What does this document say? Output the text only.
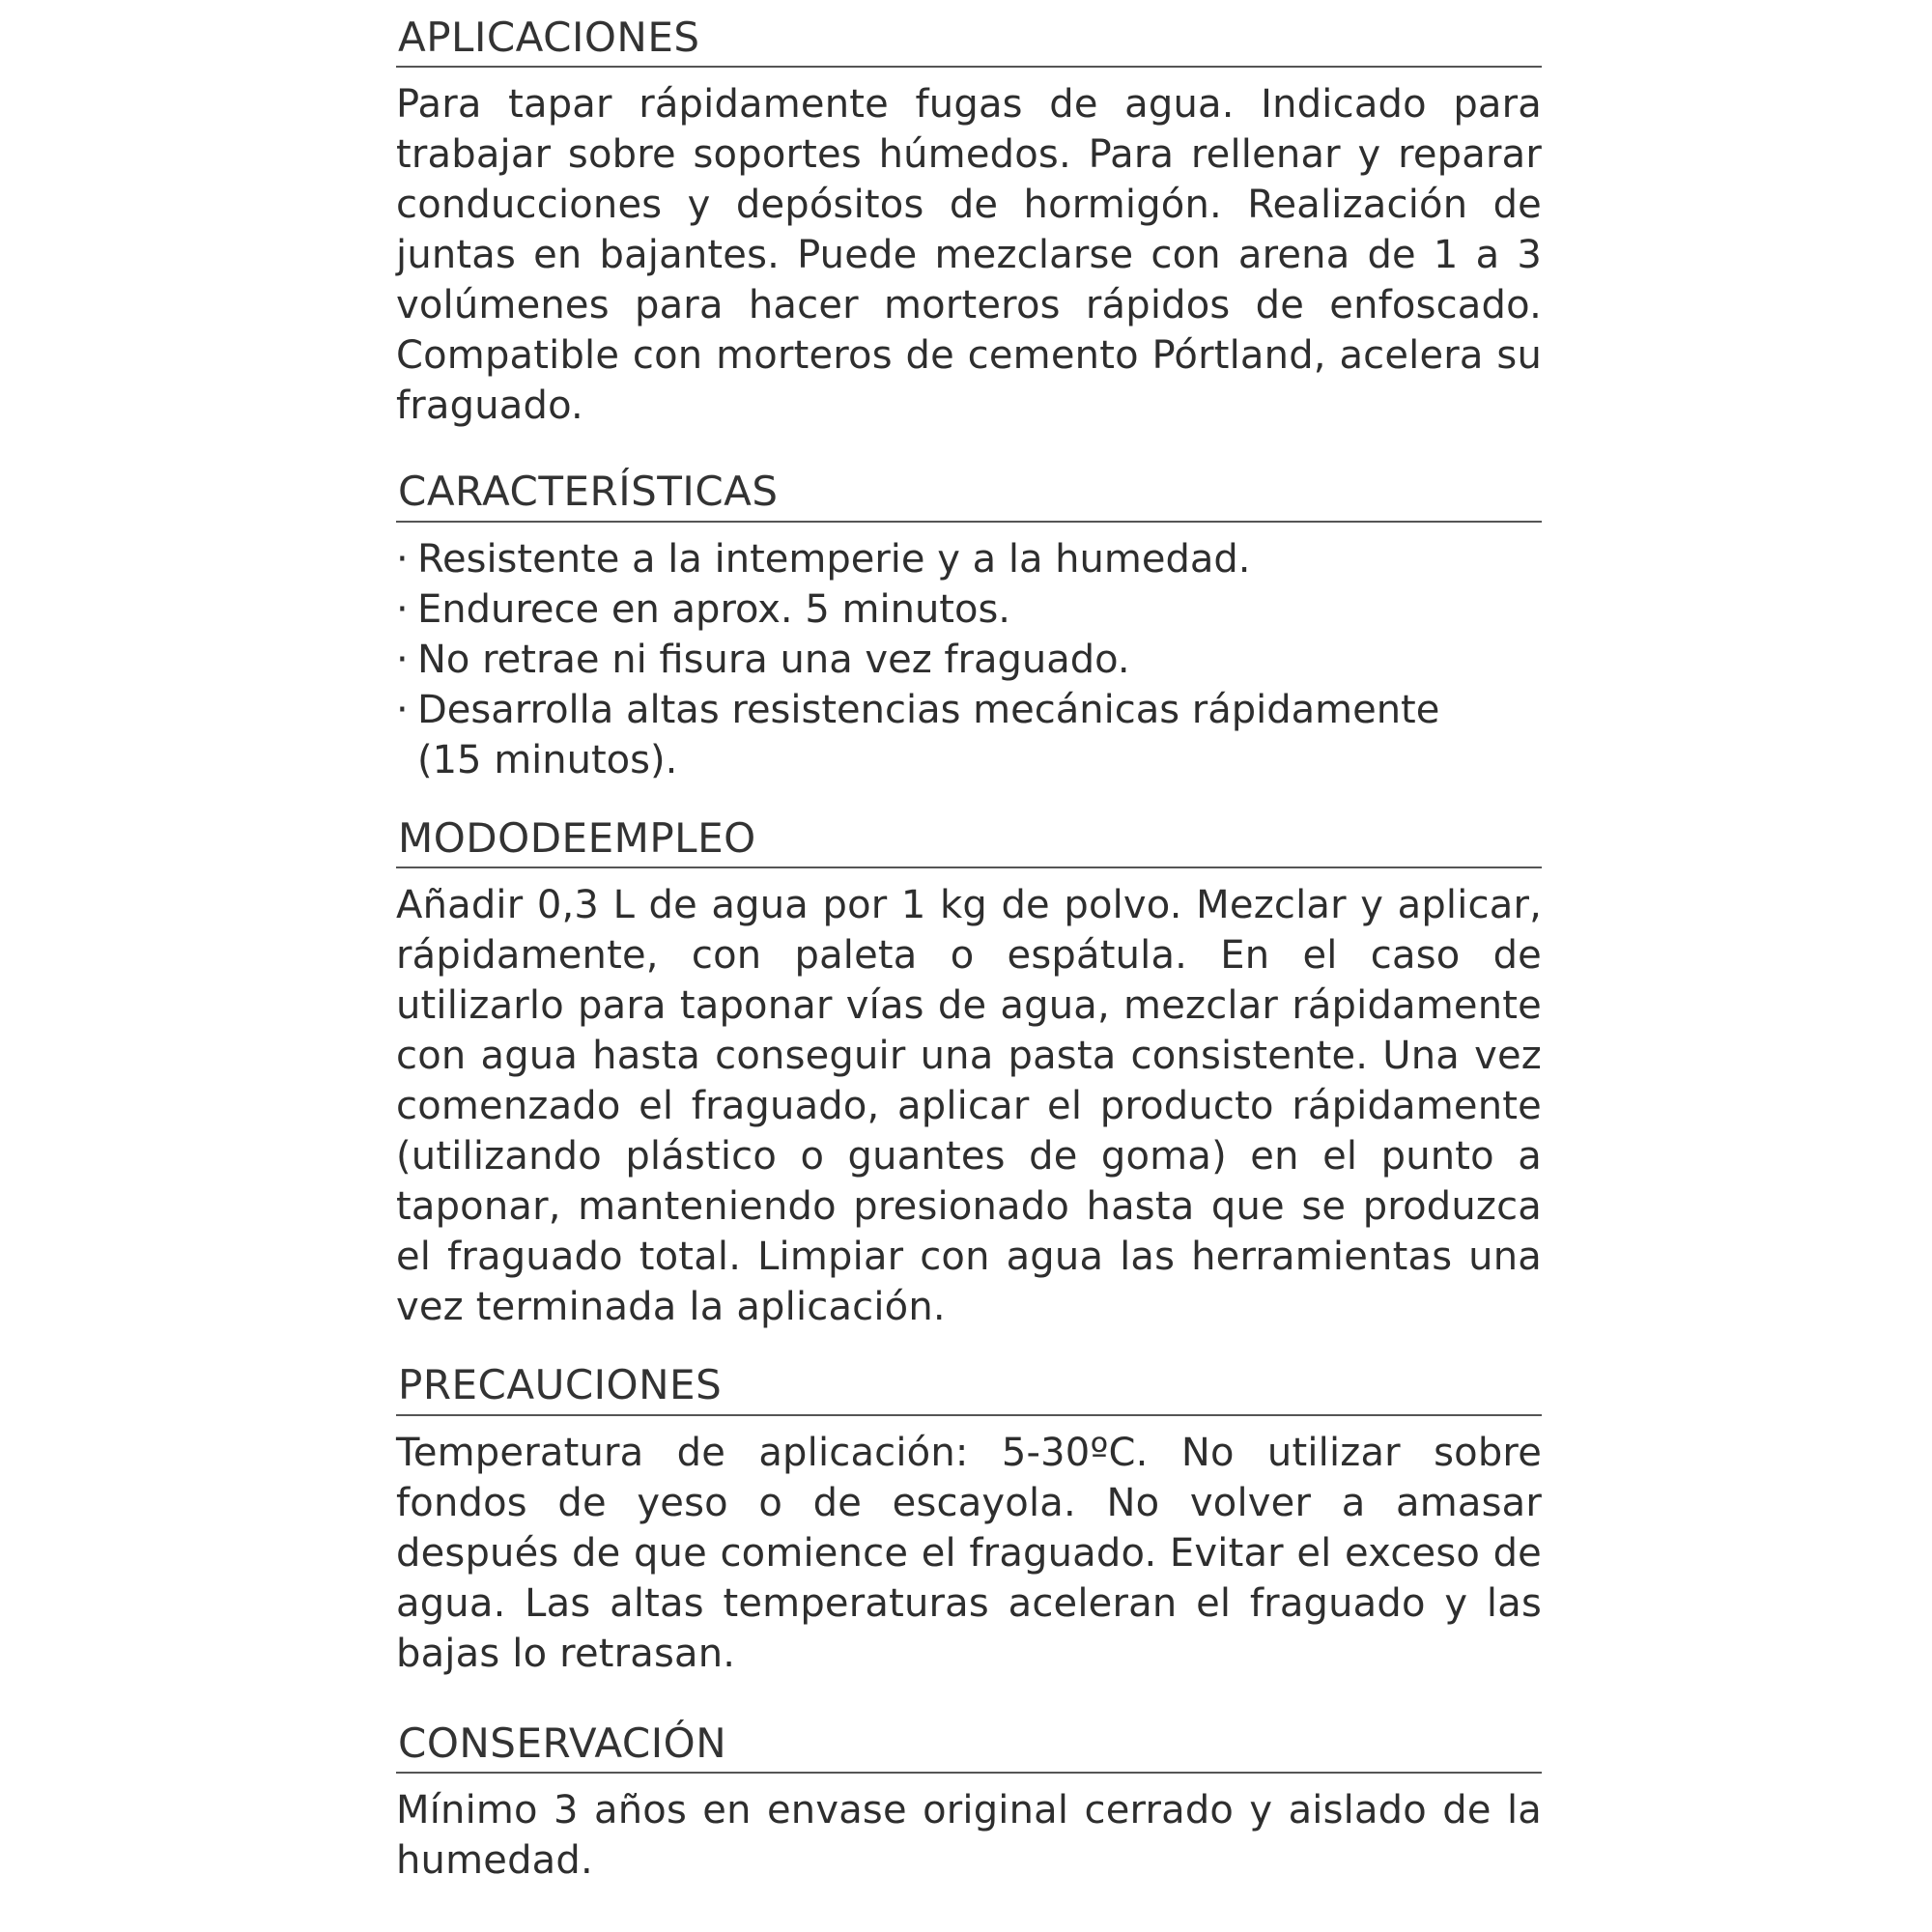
APLICACIONES

Para tapar rápidamente fugas de agua. Indicado para trabajar sobre soportes húmedos. Para rellenar y reparar conducciones y depósitos de hormigón. Realización de juntas en bajantes. Puede mezclarse con arena de 1 a 3 volúmenes para hacer morteros rápidos de enfoscado. Compatible con morteros de cemento Pórtland, acelera su fraguado.

CARACTERÍSTICAS
· Resistente a la intemperie y a la humedad.
· Endurece en aprox. 5 minutos.
· No retrae ni fisura una vez fraguado.
· Desarrolla altas resistencias mecánicas rápidamente (15 minutos).
MODODEEMPLEO

Añadir 0,3 L de agua por 1 kg de polvo. Mezclar y aplicar, rápidamente, con paleta o espátula. En el caso de utilizarlo para taponar vías de agua, mezclar rápidamente con agua hasta conseguir una pasta consistente. Una vez comenzado el fraguado, aplicar el producto rápidamente (utilizando plástico o guantes de goma) en el punto a taponar, manteniendo presionado hasta que se produzca el fraguado total. Limpiar con agua las herramientas una vez terminada la aplicación.

PRECAUCIONES

Temperatura de aplicación: 5-30ºC. No utilizar sobre fondos de yeso o de escayola. No volver a amasar después de que comience el fraguado. Evitar el exceso de agua. Las altas temperaturas aceleran el fraguado y las bajas lo retrasan.

CONSERVACIÓN

Mínimo 3 años en envase original cerrado y aislado de la humedad.
